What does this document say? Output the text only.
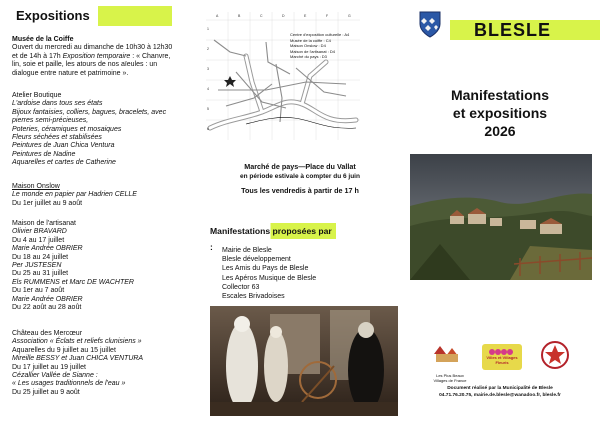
Expositions
Musée de la Coiffe
Ouvert du mercredi au dimanche de 10h30 à 12h30
et de 14h à 17h Exposition temporaire : « Chanvre,
lin, soie et paille, les atours de nos aïeules : un
dialogue entre nature et patrimoine ».
Atelier Boutique
L'ardoise dans tous ses états
Bijoux fantaisies, colliers, bagues, bracelets, avec
pierres semi-précieuses,
Poteries, céramiques et mosaiques
Fleurs séchées et stabilisées
Peintures de Juan Chica Ventura
Peintures de Nadine
Aquarelles et cartes de Catherine
Maison Onslow
Le monde en papier par Hadrien CELLE
Du 1er juillet au 9 août
Maison de l'artisanat
Olivier BRAVARD
Du 4 au 17 juillet
Marie Andrée OBRIER
Du 18 au 24 juillet
Per JUSTESEN
Du 25 au 31 juillet
Els RUMMENS et Marc DE WACHTER
Du 1er au 7 août
Marie Andrée OBRIER
Du 22 août au 28 août
Château des Mercœur
Association « Éclats et reliefs clunisiens »
Aquarelles du 9 juillet au 15 juillet
Mireille BESSY et Juan CHICA VENTURA
Du 17 juillet au 19 juillet
Cézallier Vallée de Sianne :
« Les usages traditionnels de l'eau »
Du 25 juillet au 9 août
A	B	C	D	E	F	G
1
2
3
4
5
6
Centre d'exposition culturelle : A4
Musée de la coiffe : C4
Maison Onslow : D4
Maison de l'artisanat : D4
Marché du pays : D3
Marché de pays—Place du Vallat
en période estivale à compter du 6 juin
Tous les vendredis à partir de 17 h
Manifestations proposées par :	Mairie de Blesle
Blesle développement
Les Amis du Pays de Blesle
Les Apéros Musique de Blesle
Collector 63
Escales Brivadoises
BLESLE
Manifestations
et expositions
2026
Les Plus Beaux Villages de France
Villes et Villages Fleuris
Document réalisé par la Municipalité de Blesle
04.71.76.20.75, mairie.de.blesle@wanadoo.fr, blesle.fr
